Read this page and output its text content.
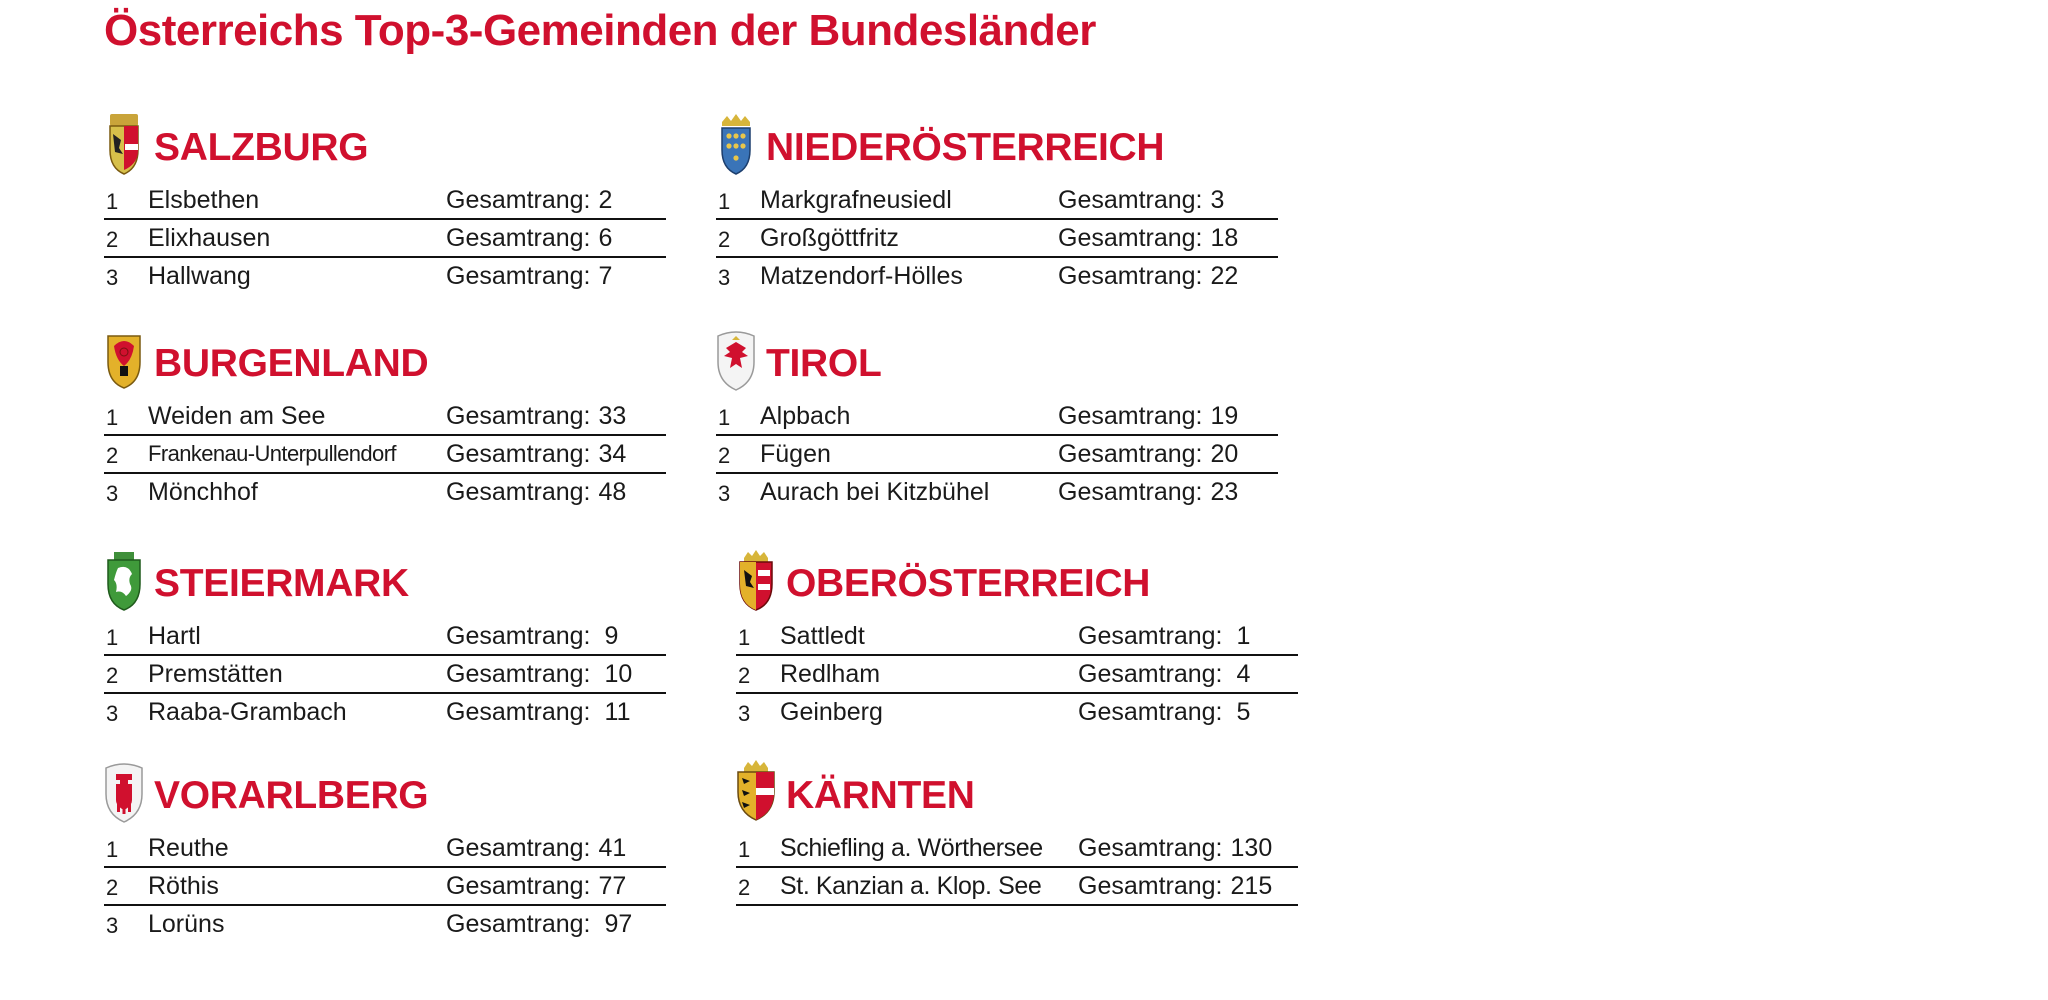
Österreichs Top-3-Gemeinden der Bundesländer
SALZBURG
1 Elsbethen	Gesamtrang: 2
2 Elixhausen	Gesamtrang: 6
3 Hallwang	Gesamtrang: 7
NIEDERÖSTERREICH
1 Markgrafneusiedl	Gesamtrang: 3
2 Großgöttfritz	Gesamtrang: 18
3 Matzendorf-Hölles	Gesamtrang: 22
BURGENLAND
1 Weiden am See	Gesamtrang: 33
2 Frankenau-Unterpullendorf Gesamtrang: 34
3 Mönchhof	Gesamtrang: 48
TIROL
1 Alpbach	Gesamtrang: 19
2 Fügen	Gesamtrang: 20
3 Aurach bei Kitzbühel	Gesamtrang: 23
STEIERMARK
1 Hartl	Gesamtrang: 9
2 Premstätten	Gesamtrang: 10
3 Raaba-Grambach	Gesamtrang: 11
OBERÖSTERREICH
1 Sattledt	Gesamtrang: 1
2 Redlham	Gesamtrang: 4
3 Geinberg	Gesamtrang: 5
VORARLBERG
1 Reuthe	Gesamtrang: 41
2 Röthis	Gesamtrang: 77
3 Lorüns	Gesamtrang: 97
KÄRNTEN
1 Schiefling a. Wörthersee Gesamtrang: 130
2 St. Kanzian a. Klop. See Gesamtrang: 215
